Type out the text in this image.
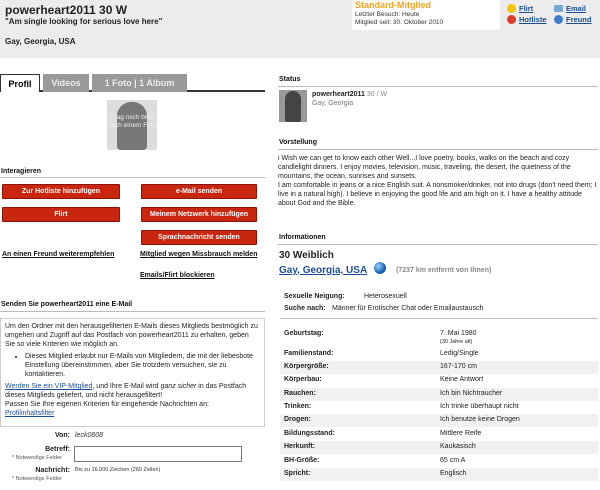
powerheart2011 30 W
"Am single looking for serious love here"
Gay, Georgia, USA
Standard-Mitglied
Letzter Besuch: Heute
Mitglied seit: 30. Oktober 2010
Flirt	Email
Hotliste	Freund
Profil	Videos	1 Foto | 1 Album
Frag mich bitte nach einem Foto
Interagieren
Zur Hotliste hinzufügen	e-Mail senden
Flirt	Meinem Netzwerk hinzufügen
Sprachnachricht senden
An einen Freund weiterempfehlen	Mitglied wegen Missbrauch melden
Emails/Flirt blockieren
Senden Sie powerheart2011 eine E-Mail

Um den Ordner mit den herausgefilterten E-Mails dieses Mitglieds bestmöglich zu umgehen und Zugriff auf das Postfach von powerheart2011 zu erhalten, geben Sie so viele Kriterien wie möglich an.

• Dieses Mitglied erlaubt nur E-Mails von Mitgliedern, die mit der liebesbote Einstellung übereinstimmen, aber Sie trotzdem versuchen, sie zu kontaktieren.

Werden Sie ein VIP-Mitglied, und Ihre E-Mail wird ganz sicher in das Postfach dieses Mitglieds geliefert, und nicht herausgefiltert!

Passen Sie Ihre eigenen Kriterien für eingehende Nachrichten an:

Profilinhaltsfilter
Von: leck0808
Betreff:
* Notwendige Felder
Nachricht:
* Notwendige Felder
Bis zu 16.000 Zeichen (260 Zeilen)
Status
powerheart2011 30 / W
Gay, Georgia
Vorstellung

i Wish we can get to know each other Well...I love poetry, books, walks on the beach and cozy candlelight dinners. I enjoy movies, television, music, traveling, the desert, the quietness of the mountains, the ocean, sunrises and sunsets.

I am comfortable in jeans or a nice English suit. A nonsmoker/drinker, not into drugs (don't need them; I live in a natural high). I believe in enjoying the good life and am high on it. I have a healthy attitude about God and the Bible.

Informationen
30 Weiblich
Gay, Georgia, USA	(7237 km entfernt von Ihnen)
Sexuelle Neigung:	Heterosexuell
Suche nach: Männer für Erotischer Chat oder Emailaustausch
Geburtstag:	7. Mai 1980
(30 Jahre alt)
Familienstand:	Ledig/Single
Körpergröße:	167-170 cm
Körperbau:	Keine Antwort
Rauchen:	Ich bin Nichtraucher
Trinken:	Ich trinke überhaupt nicht
Drogen:	Ich benutze keine Drogen
Bildungsstand:	Mittlere Reife
Herkunft:	Kaukasisch
BH-Größe:	65 cm A
Spricht:	Englisch
